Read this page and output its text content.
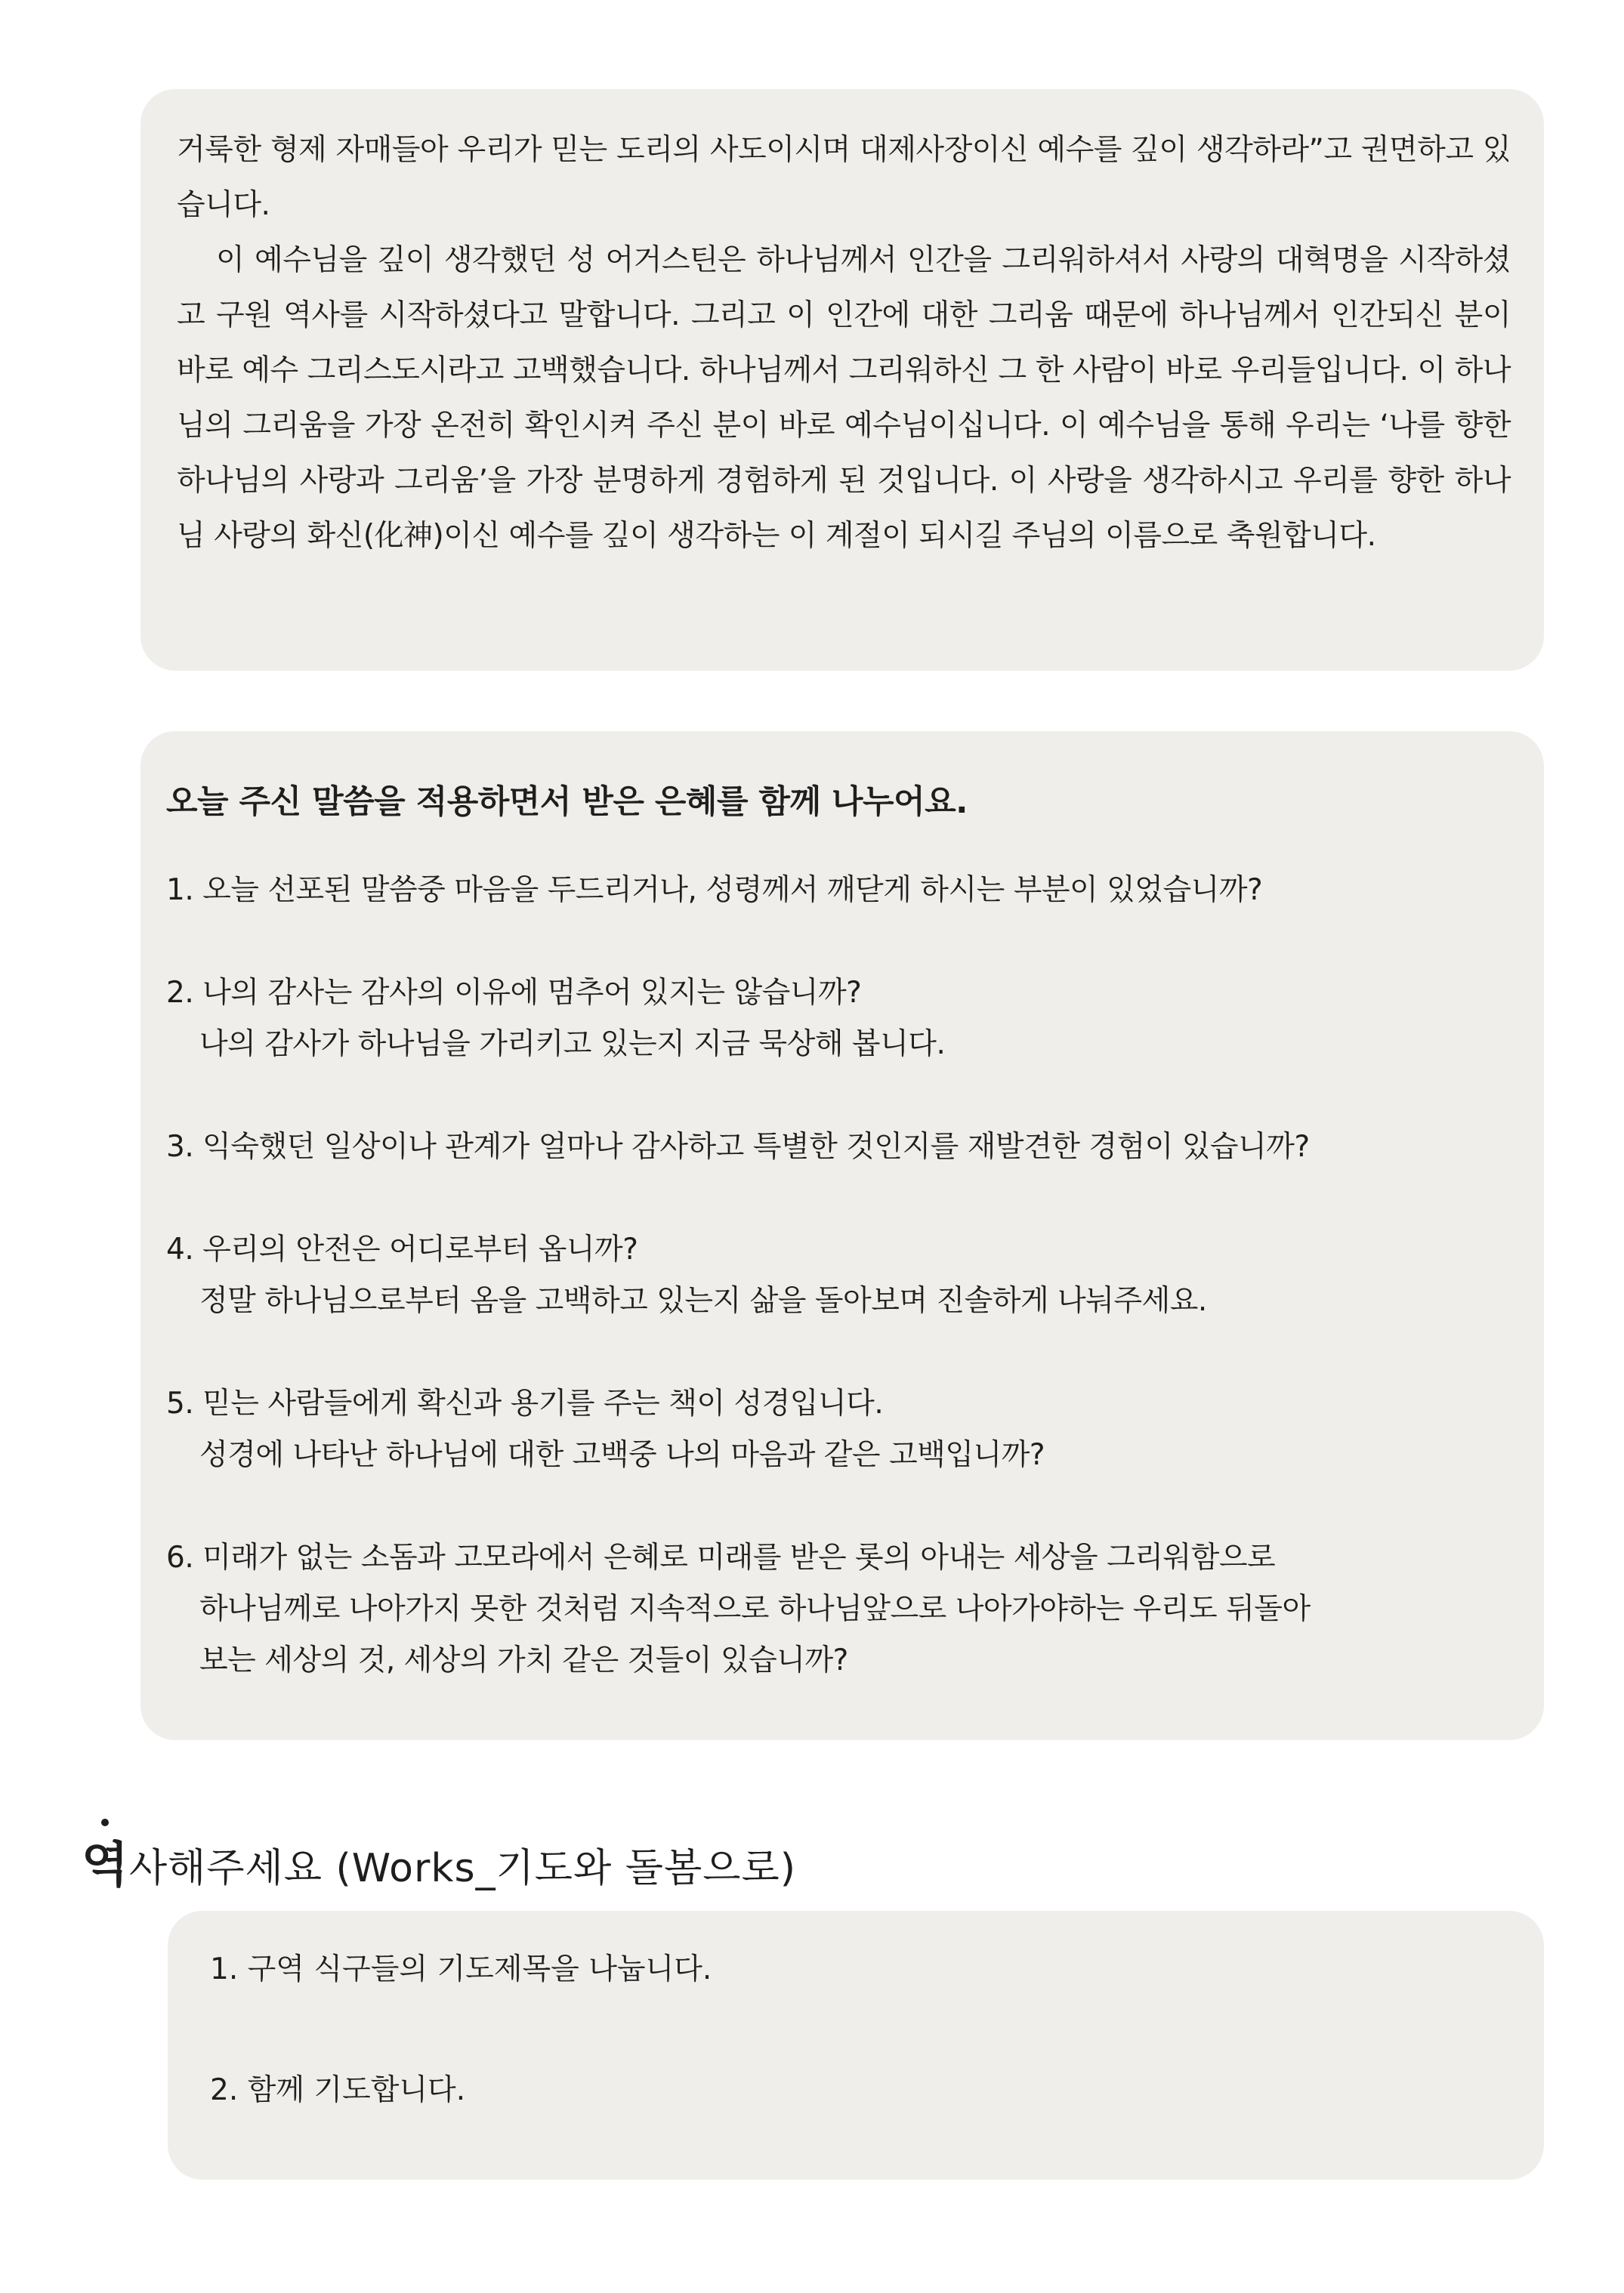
거룩한 형제 자매들아 우리가 믿는 도리의 사도이시며 대제사장이신 예수를 깊이 생각하라”고 권면하고 있습니다.

이 예수님을 깊이 생각했던 성 어거스틴은 하나님께서 인간을 그리워하셔서 사랑의 대혁명을 시작하셨고 구원 역사를 시작하셨다고 말합니다. 그리고 이 인간에 대한 그리움 때문에 하나님께서 인간되신 분이 바로 예수 그리스도시라고 고백했습니다. 하나님께서 그리워하신 그 한 사람이 바로 우리들입니다. 이 하나님의 그리움을 가장 온전히 확인시켜 주신 분이 바로 예수님이십니다. 이 예수님을 통해 우리는 ‘나를 향한 하나님의 사랑과 그리움’을 가장 분명하게 경험하게 된 것입니다. 이 사랑을 생각하시고 우리를 향한 하나님 사랑의 화신(化神)이신 예수를 깊이 생각하는 이 계절이 되시길 주님의 이름으로 축원합니다.

오늘 주신 말씀을 적용하면서 받은 은혜를 함께 나누어요.
1. 오늘 선포된 말씀중 마음을 두드리거나, 성령께서 깨닫게 하시는 부분이 있었습니까?
2. 나의 감사는 감사의 이유에 멈추어 있지는 않습니까?
나의 감사가 하나님을 가리키고 있는지 지금 묵상해 봅니다.
3. 익숙했던 일상이나 관계가 얼마나 감사하고 특별한 것인지를 재발견한 경험이 있습니까?
4. 우리의 안전은 어디로부터 옵니까?
정말 하나님으로부터 옴을 고백하고 있는지 삶을 돌아보며 진솔하게 나눠주세요.
5. 믿는 사람들에게 확신과 용기를 주는 책이 성경입니다.
성경에 나타난 하나님에 대한 고백중 나의 마음과 같은 고백입니까?
6. 미래가 없는 소돔과 고모라에서 은혜로 미래를 받은 롯의 아내는 세상을 그리워함으로
하나님께로 나아가지 못한 것처럼 지속적으로 하나님앞으로 나아가야하는 우리도 뒤돌아
보는 세상의 것, 세상의 가치 같은 것들이 있습니까?
역
사해주세요 (Works_기도와 돌봄으로)
1. 구역 식구들의 기도제목을 나눕니다.
2. 함께 기도합니다.
